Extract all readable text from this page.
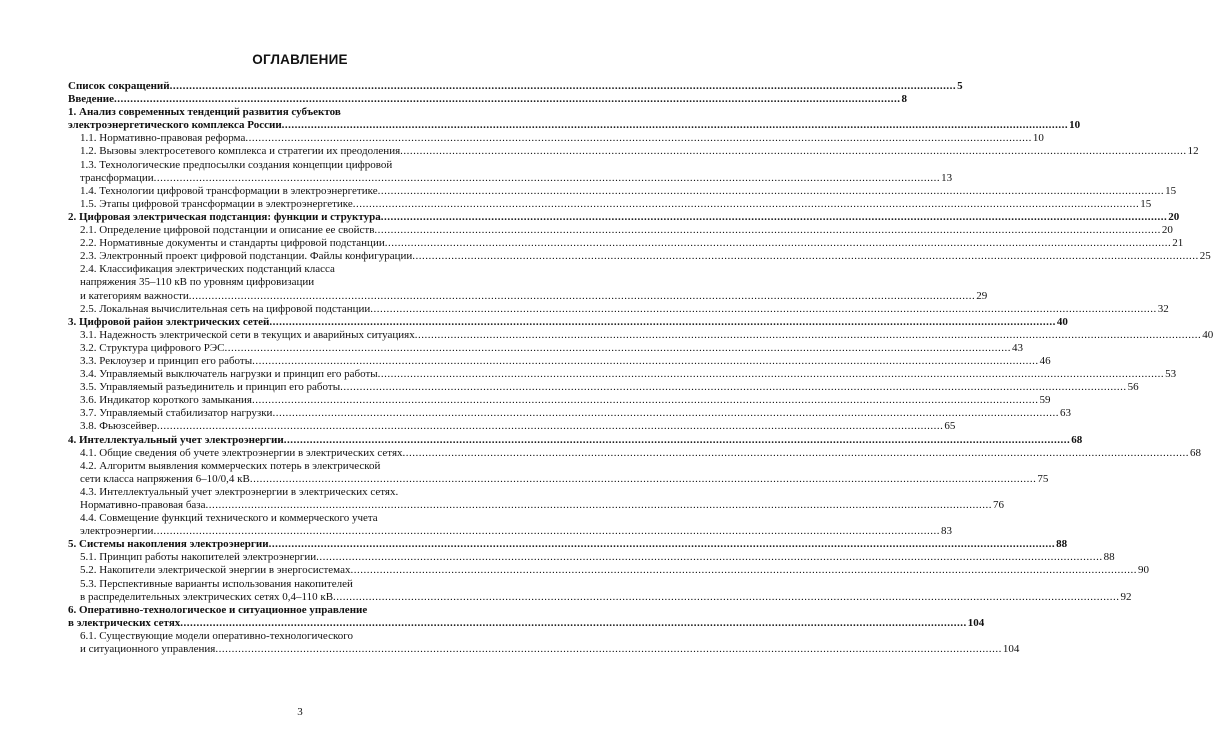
ОГЛАВЛЕНИЕ
Список сокращений .....	5
Введение .....	8
1. Анализ современных тенденций развития субъектов
электроэнергетического комплекса России .....	10
1.1. Нормативно-правовая реформа .....	10
1.2. Вызовы электросетевого комплекса и стратегии их преодоления .....	12
1.3. Технологические предпосылки создания концепции цифровой
трансформации .....	13
1.4. Технологии цифровой трансформации в электроэнергетике .....	15
1.5. Этапы цифровой трансформации в электроэнергетике .....	15
2. Цифровая электрическая подстанция: функции и структура .....	20
2.1. Определение цифровой подстанции и описание ее свойств .....	20
2.2. Нормативные документы и стандарты цифровой подстанции .....	21
2.3. Электронный проект цифровой подстанции. Файлы конфигурации .....	25
2.4. Классификация электрических подстанций класса
напряжения 35–110 кВ по уровням цифровизации
и категориям важности .....	29
2.5. Локальная вычислительная сеть на цифровой подстанции .....	32
3. Цифровой район электрических сетей .....	40
3.1. Надежность электрической сети в текущих и аварийных ситуациях .....	40
3.2. Структура цифрового РЭС .....	43
3.3. Реклоузер и принцип его работы .....	46
3.4. Управляемый выключатель нагрузки и принцип его работы .....	53
3.5. Управляемый разъединитель и принцип его работы .....	56
3.6. Индикатор короткого замыкания .....	59
3.7. Управляемый стабилизатор нагрузки .....	63
3.8. Фьюзсейвер .....	65
4. Интеллектуальный учет электроэнергии .....	68
4.1. Общие сведения об учете электроэнергии в электрических сетях .....	68
4.2. Алгоритм выявления коммерческих потерь в электрической
сети класса напряжения 6–10/0,4 кВ .....	75
4.3. Интеллектуальный учет электроэнергии в электрических сетях.
Нормативно-правовая база .....	76
4.4. Совмещение функций технического и коммерческого учета
электроэнергии .....	83
5. Системы накопления электроэнергии .....	88
5.1. Принцип работы накопителей электроэнергии .....	88
5.2. Накопители электрической энергии в энергосистемах .....	90
5.3. Перспективные варианты использования накопителей
в распределительных электрических сетях 0,4–110 кВ .....	92
6. Оперативно-технологическое и ситуационное управление
в электрических сетях .....	104
6.1. Существующие модели оперативно-технологического
и ситуационного управления .....	104
3
